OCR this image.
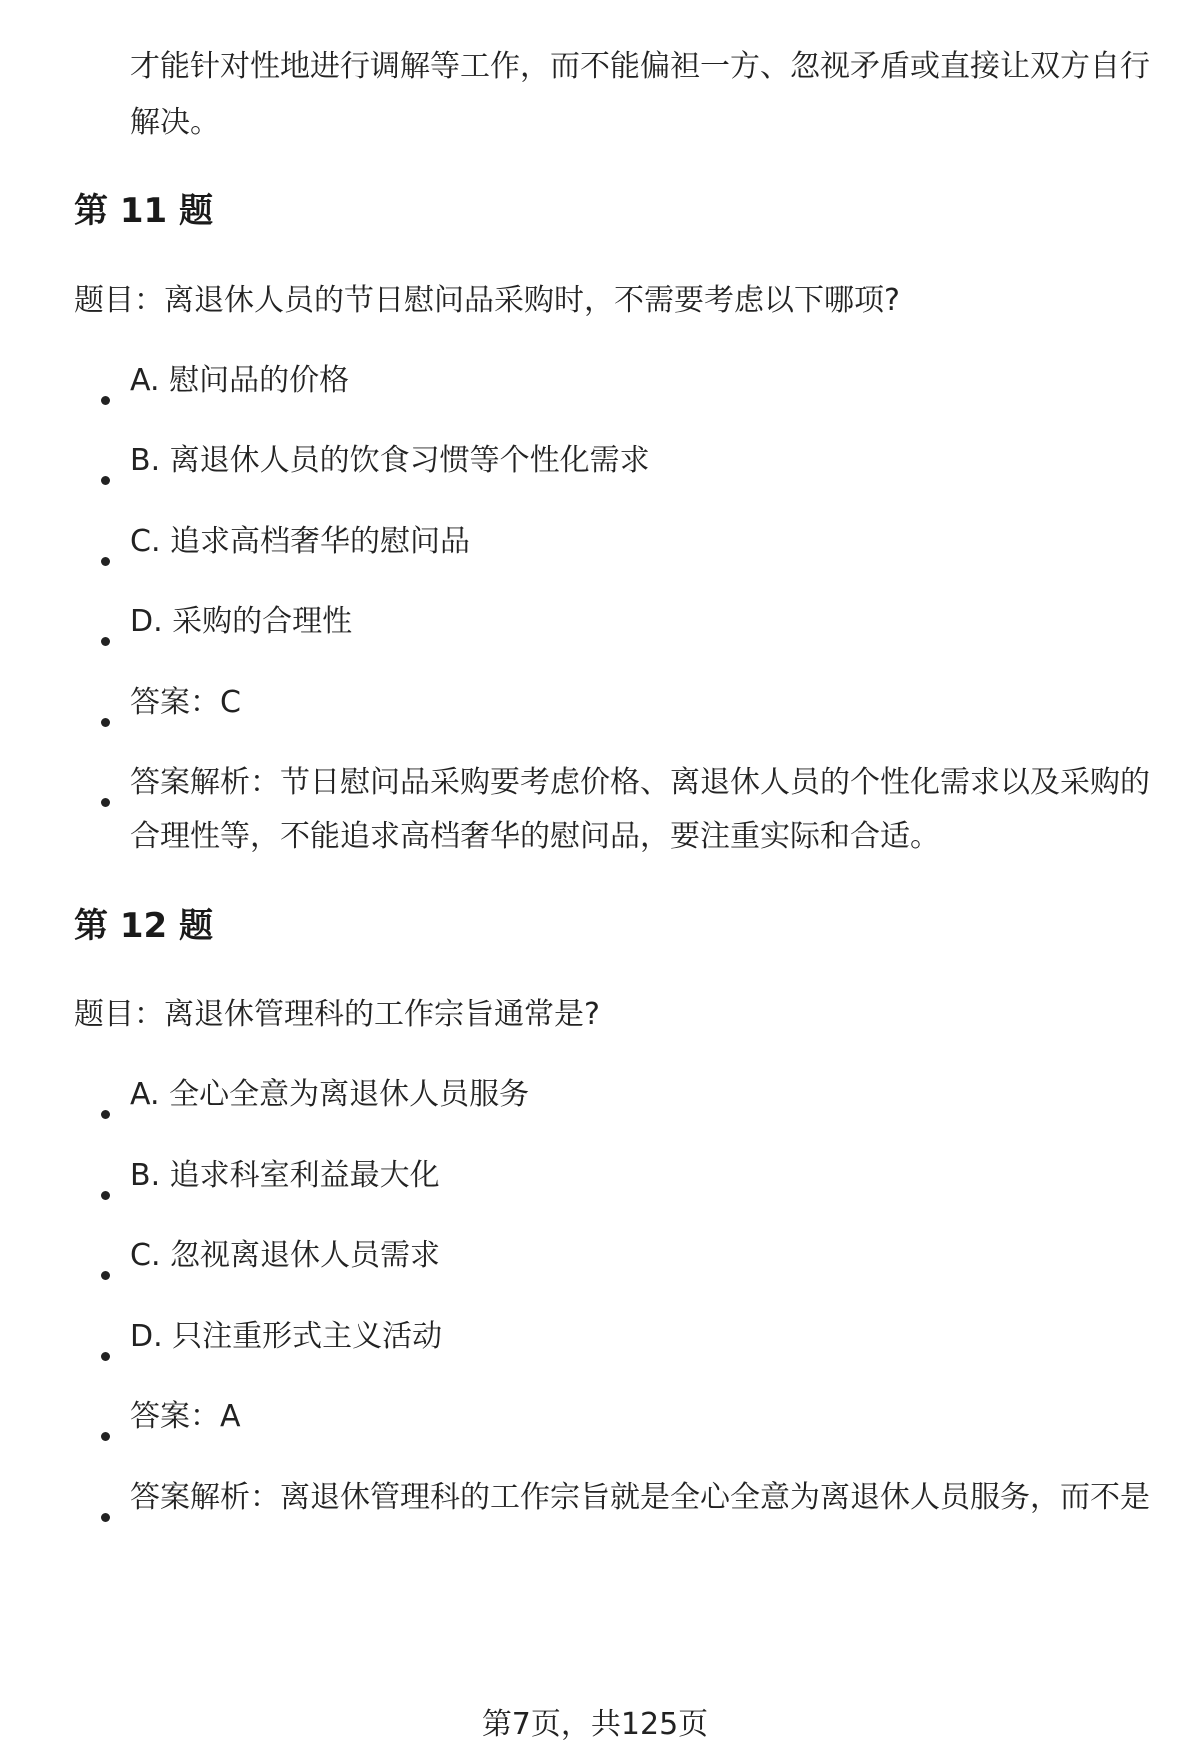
才能针对性地进行调解等工作，而不能偏袒一方、忽视矛盾或直接让双方自行
解决。
第 11 题
题目：离退休人员的节日慰问品采购时，不需要考虑以下哪项?
A. 慰问品的价格
B. 离退休人员的饮食习惯等个性化需求
C. 追求高档奢华的慰问品
D. 采购的合理性
答案：C
答案解析：节日慰问品采购要考虑价格、离退休人员的个性化需求以及采购的
合理性等，不能追求高档奢华的慰问品，要注重实际和合适。
第 12 题
题目：离退休管理科的工作宗旨通常是?
A. 全心全意为离退休人员服务
B. 追求科室利益最大化
C. 忽视离退休人员需求
D. 只注重形式主义活动
答案：A
答案解析：离退休管理科的工作宗旨就是全心全意为离退休人员服务，而不是
第7页，共125页
